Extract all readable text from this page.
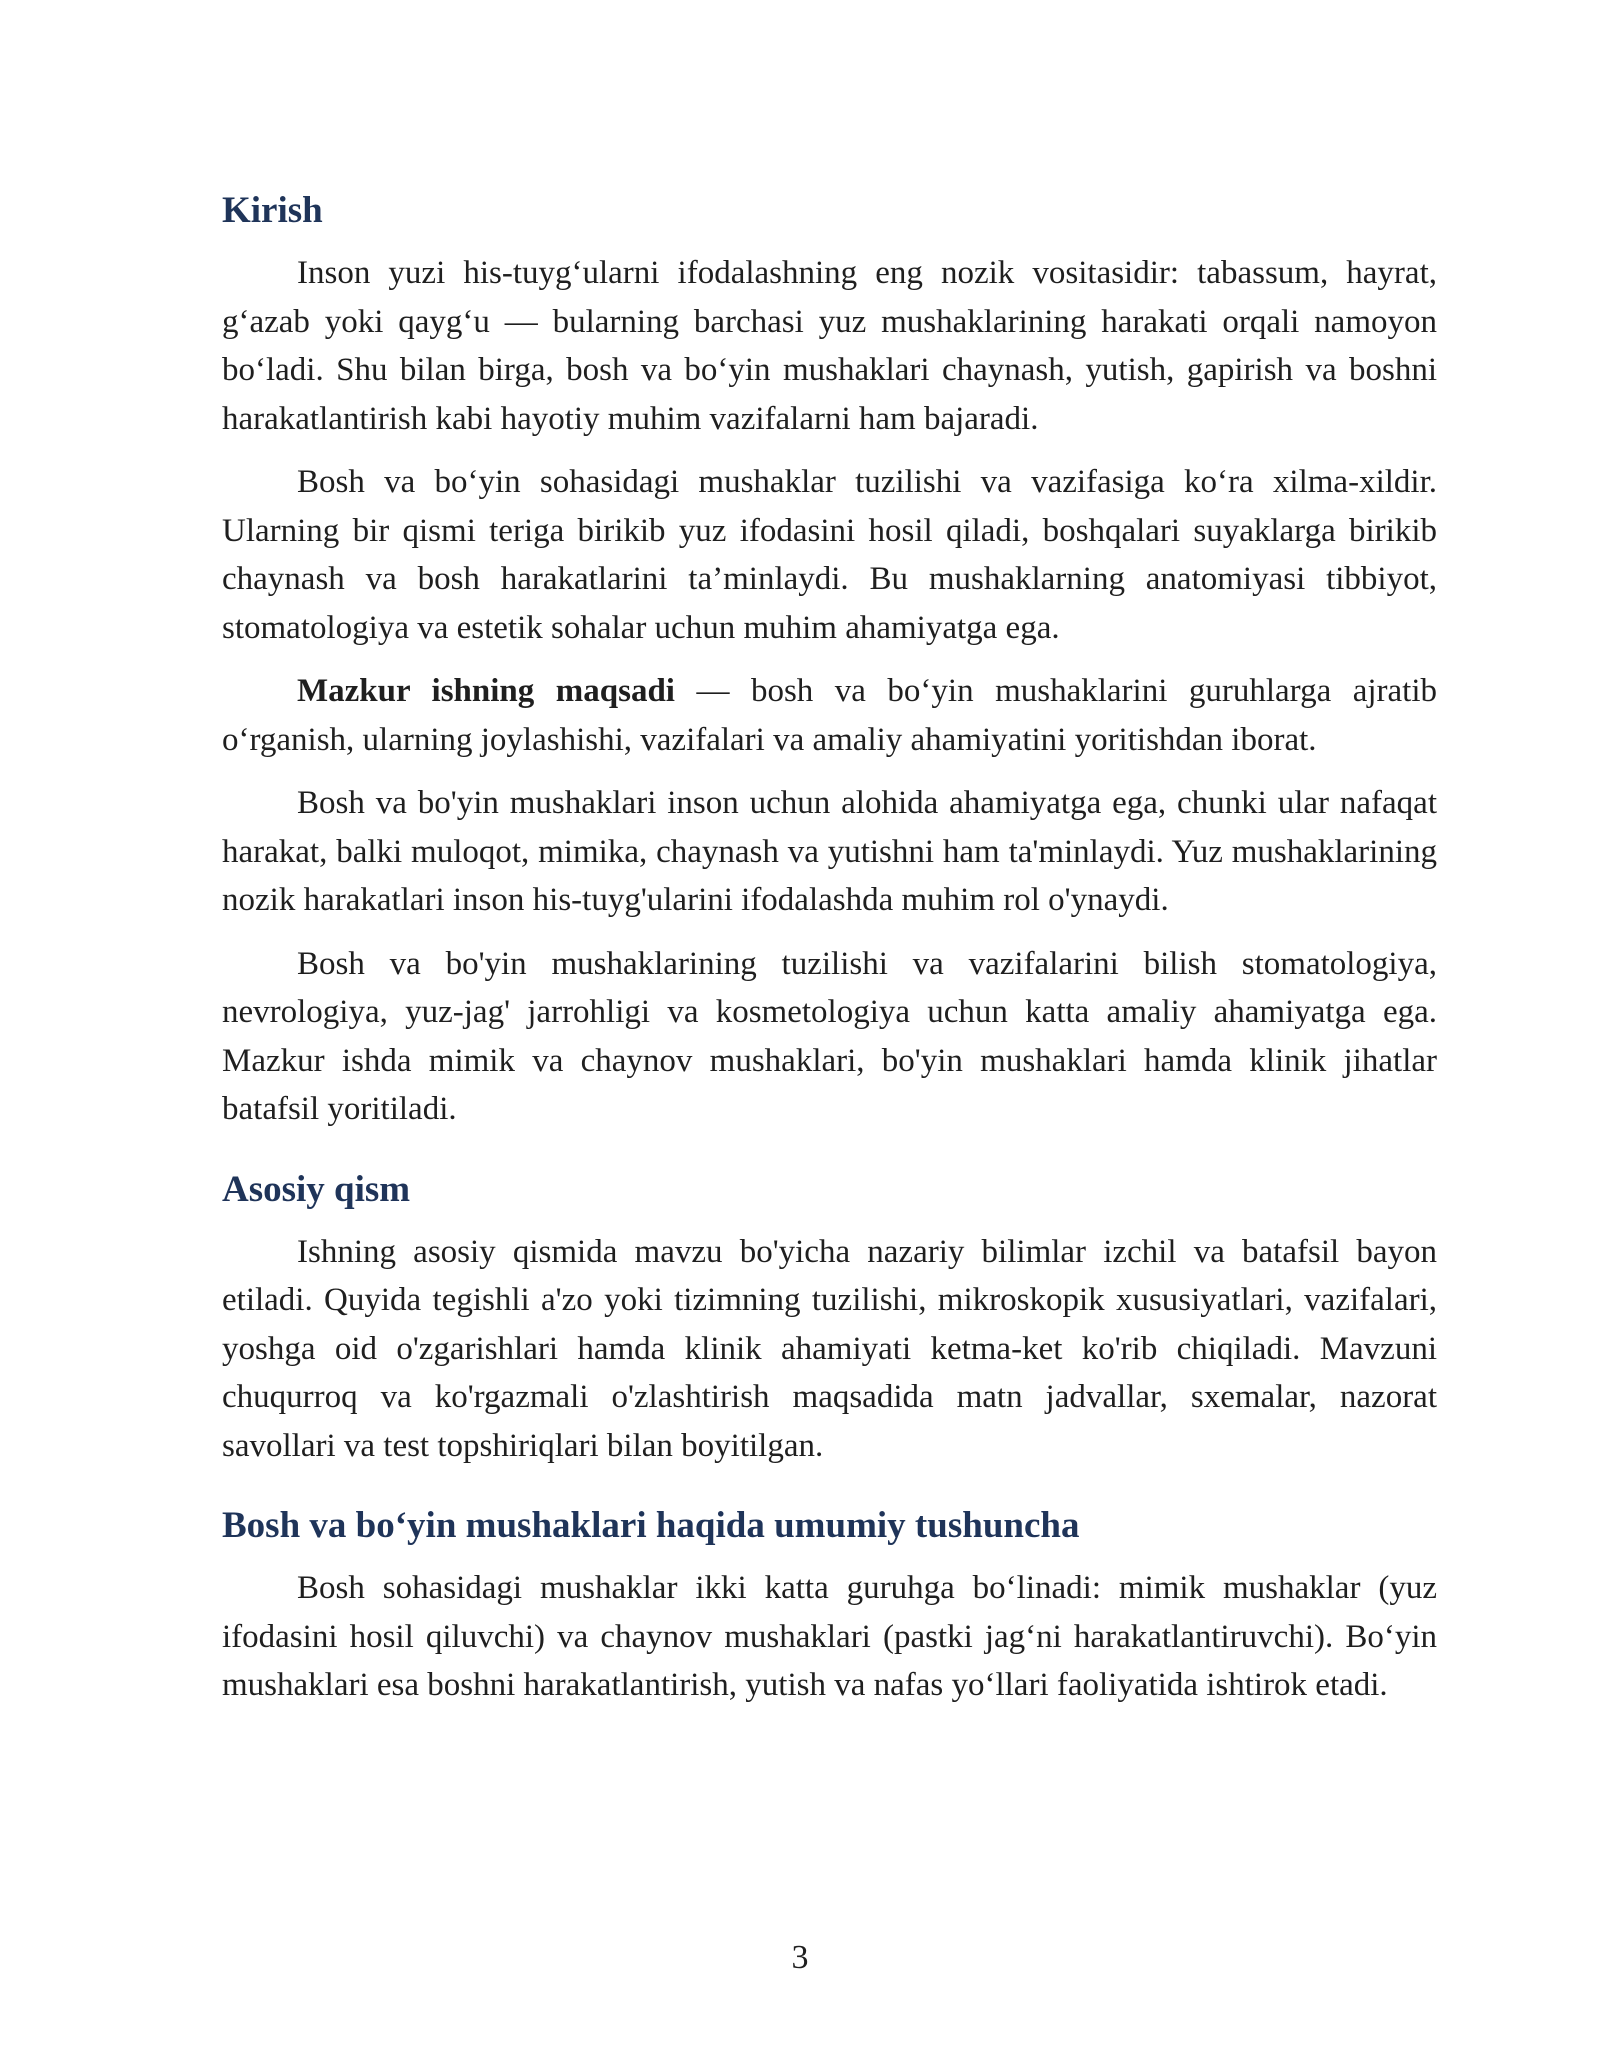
Kirish

Inson yuzi his-tuyg‘ularni ifodalashning eng nozik vositasidir: tabassum, hayrat, g‘azab yoki qayg‘u — bularning barchasi yuz mushaklarining harakati orqali namoyon bo‘ladi. Shu bilan birga, bosh va bo‘yin mushaklari chaynash, yutish, gapirish va boshni harakatlantirish kabi hayotiy muhim vazifalarni ham bajaradi.

Bosh va bo‘yin sohasidagi mushaklar tuzilishi va vazifasiga ko‘ra xilma-xildir. Ularning bir qismi teriga birikib yuz ifodasini hosil qiladi, boshqalari suyaklarga birikib chaynash va bosh harakatlarini ta’minlaydi. Bu mushaklarning anatomiyasi tibbiyot, stomatologiya va estetik sohalar uchun muhim ahamiyatga ega.

Mazkur ishning maqsadi — bosh va bo‘yin mushaklarini guruhlarga ajratib o‘rganish, ularning joylashishi, vazifalari va amaliy ahamiyatini yoritishdan iborat.

Bosh va bo'yin mushaklari inson uchun alohida ahamiyatga ega, chunki ular nafaqat harakat, balki muloqot, mimika, chaynash va yutishni ham ta'minlaydi. Yuz mushaklarining nozik harakatlari inson his-tuyg'ularini ifodalashda muhim rol o'ynaydi.

Bosh va bo'yin mushaklarining tuzilishi va vazifalarini bilish stomatologiya, nevrologiya, yuz-jag' jarrohligi va kosmetologiya uchun katta amaliy ahamiyatga ega. Mazkur ishda mimik va chaynov mushaklari, bo'yin mushaklari hamda klinik jihatlar batafsil yoritiladi.

Asosiy qism

Ishning asosiy qismida mavzu bo'yicha nazariy bilimlar izchil va batafsil bayon etiladi. Quyida tegishli a'zo yoki tizimning tuzilishi, mikroskopik xususiyatlari, vazifalari, yoshga oid o'zgarishlari hamda klinik ahamiyati ketma-ket ko'rib chiqiladi. Mavzuni chuqurroq va ko'rgazmali o'zlashtirish maqsadida matn jadvallar, sxemalar, nazorat savollari va test topshiriqlari bilan boyitilgan.

Bosh va bo‘yin mushaklari haqida umumiy tushuncha

Bosh sohasidagi mushaklar ikki katta guruhga bo‘linadi: mimik mushaklar (yuz ifodasini hosil qiluvchi) va chaynov mushaklari (pastki jag‘ni harakatlantiruvchi). Bo‘yin mushaklari esa boshni harakatlantirish, yutish va nafas yo‘llari faoliyatida ishtirok etadi.

3
